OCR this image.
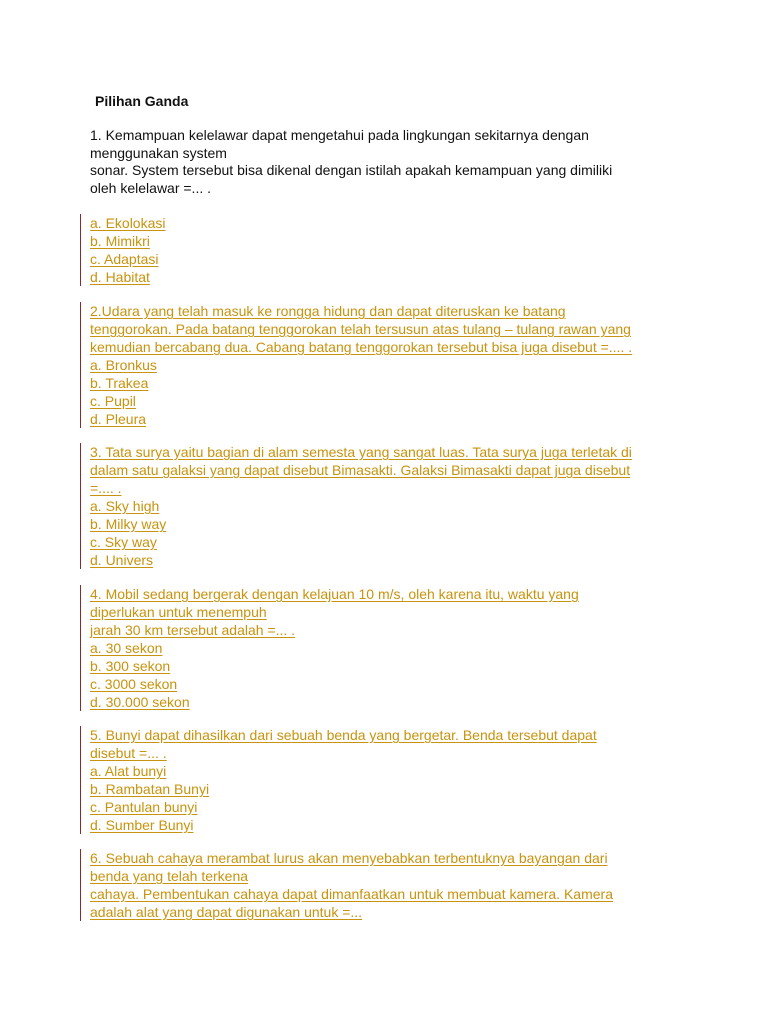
Pilihan Ganda
1. Kemampuan kelelawar dapat mengetahui pada lingkungan sekitarnya dengan
menggunakan system
sonar. System tersebut bisa dikenal dengan istilah apakah kemampuan yang dimiliki
oleh kelelawar =... .
a. Ekolokasi
b. Mimikri
c. Adaptasi
d. Habitat
2.Udara yang telah masuk ke rongga hidung dan dapat diteruskan ke batang
tenggorokan. Pada batang tenggorokan telah tersusun atas tulang – tulang rawan yang
kemudian bercabang dua. Cabang batang tenggorokan tersebut bisa juga disebut =.... .
a. Bronkus
b. Trakea
c. Pupil
d. Pleura
3. Tata surya yaitu bagian di alam semesta yang sangat luas. Tata surya juga terletak di
dalam satu galaksi yang dapat disebut Bimasakti. Galaksi Bimasakti dapat juga disebut
=.... .
a. Sky high
b. Milky way
c. Sky way
d. Univers
4. Mobil sedang bergerak dengan kelajuan 10 m/s, oleh karena itu, waktu yang
diperlukan untuk menempuh
jarah 30 km tersebut adalah =... .
a. 30 sekon
b. 300 sekon
c. 3000 sekon
d. 30.000 sekon
5. Bunyi dapat dihasilkan dari sebuah benda yang bergetar. Benda tersebut dapat
disebut =... .
a. Alat bunyi
b. Rambatan Bunyi
c. Pantulan bunyi
d. Sumber Bunyi
6. Sebuah cahaya merambat lurus akan menyebabkan terbentuknya bayangan dari
benda yang telah terkena
cahaya. Pembentukan cahaya dapat dimanfaatkan untuk membuat kamera. Kamera
adalah alat yang dapat digunakan untuk =...
